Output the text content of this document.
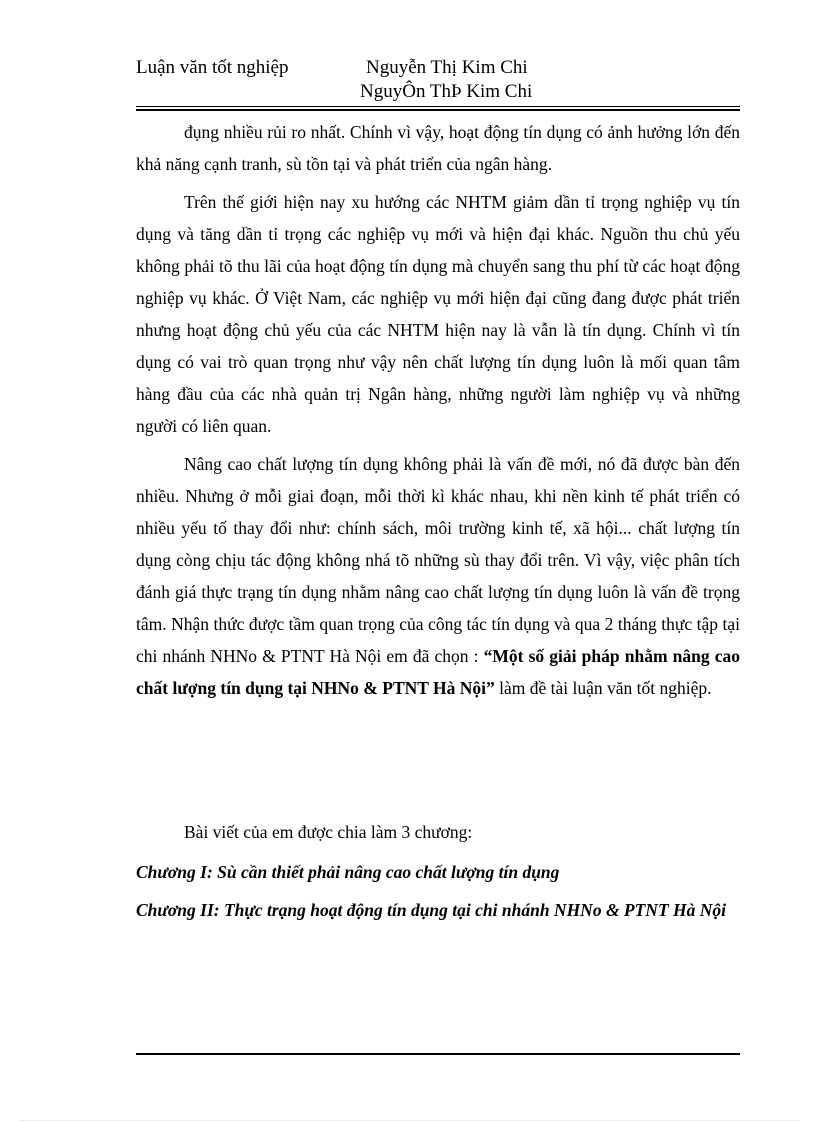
Luận văn tốt nghiệp	Nguyễn Thị Kim Chi
NguyÔn ThÞ Kim Chi

đụng nhiều rủi ro nhất. Chính vì vậy, hoạt động tín dụng có ảnh hưởng lớn đến khả năng cạnh tranh, sù tồn tại và phát triển của ngân hàng.

Trên thế giới hiện nay xu hướng các NHTM giảm dần tỉ trọng nghiệp vụ tín dụng và tăng dần tỉ trọng các nghiệp vụ mới và hiện đại khác. Nguồn thu chủ yếu không phải tõ thu lãi của hoạt động tín dụng mà chuyển sang thu phí từ các hoạt động nghiệp vụ khác. Ở Việt Nam, các nghiệp vụ mới hiện đại cũng đang được phát triển nhưng hoạt động chủ yếu của các NHTM hiện nay là vẫn là tín dụng. Chính vì tín dụng có vai trò quan trọng như vậy nên chất lượng tín dụng luôn là mối quan tâm hàng đầu của các nhà quản trị Ngân hàng, những người làm nghiệp vụ và những người có liên quan.

Nâng cao chất lượng tín dụng không phải là vấn đề mới, nó đã được bàn đến nhiều. Nhưng ở mỗi giai đoạn, mỗi thời kì khác nhau, khi nền kinh tế phát triển có nhiều yếu tố thay đổi như: chính sách, môi trường kinh tế, xã hội... chất lượng tín dụng còng chịu tác động không nhá tõ những sù thay đổi trên. Vì vậy, việc phân tích đánh giá thực trạng tín dụng nhằm nâng cao chất lượng tín dụng luôn là vấn đề trọng tâm. Nhận thức được tầm quan trọng của công tác tín dụng và qua 2 tháng thực tập tại chi nhánh NHNo & PTNT Hà Nội em đã chọn : “Một số giải pháp nhằm nâng cao chất lượng tín dụng tại NHNo & PTNT Hà Nội” làm đề tài luận văn tốt nghiệp.

Bài viết của em được chia làm 3 chương:

Chương I: Sù cần thiết phải nâng cao chất lượng tín dụng

Chương II: Thực trạng hoạt động tín dụng tại chi nhánh NHNo & PTNT Hà Nội
